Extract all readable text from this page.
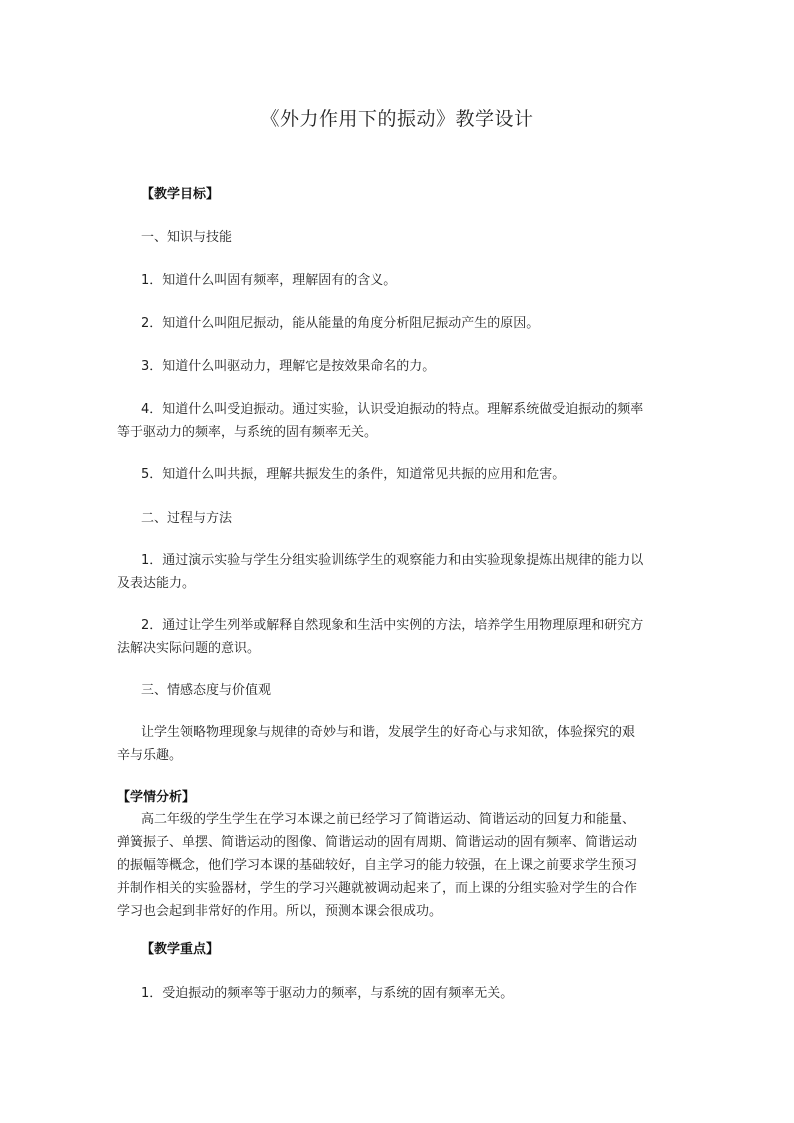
《外力作用下的振动》教学设计
【教学目标】
一、知识与技能
1．知道什么叫固有频率，理解固有的含义。
2．知道什么叫阻尼振动，能从能量的角度分析阻尼振动产生的原因。
3．知道什么叫驱动力，理解它是按效果命名的力。
4．知道什么叫受迫振动。通过实验，认识受迫振动的特点。理解系统做受迫振动的频率等于驱动力的频率，与系统的固有频率无关。
5．知道什么叫共振，理解共振发生的条件，知道常见共振的应用和危害。
二、过程与方法
1．通过演示实验与学生分组实验训练学生的观察能力和由实验现象提炼出规律的能力以及表达能力。
2．通过让学生列举或解释自然现象和生活中实例的方法，培养学生用物理原理和研究方法解决实际问题的意识。
三、情感态度与价值观
让学生领略物理现象与规律的奇妙与和谐，发展学生的好奇心与求知欲，体验探究的艰辛与乐趣。
【学情分析】
高二年级的学生学生在学习本课之前已经学习了简谐运动、简谐运动的回复力和能量、弹簧振子、单摆、简谐运动的图像、简谐运动的固有周期、简谐运动的固有频率、简谐运动的振幅等概念，他们学习本课的基础较好，自主学习的能力较强，在上课之前要求学生预习并制作相关的实验器材，学生的学习兴趣就被调动起来了，而上课的分组实验对学生的合作学习也会起到非常好的作用。所以，预测本课会很成功。
【教学重点】
1．受迫振动的频率等于驱动力的频率，与系统的固有频率无关。
